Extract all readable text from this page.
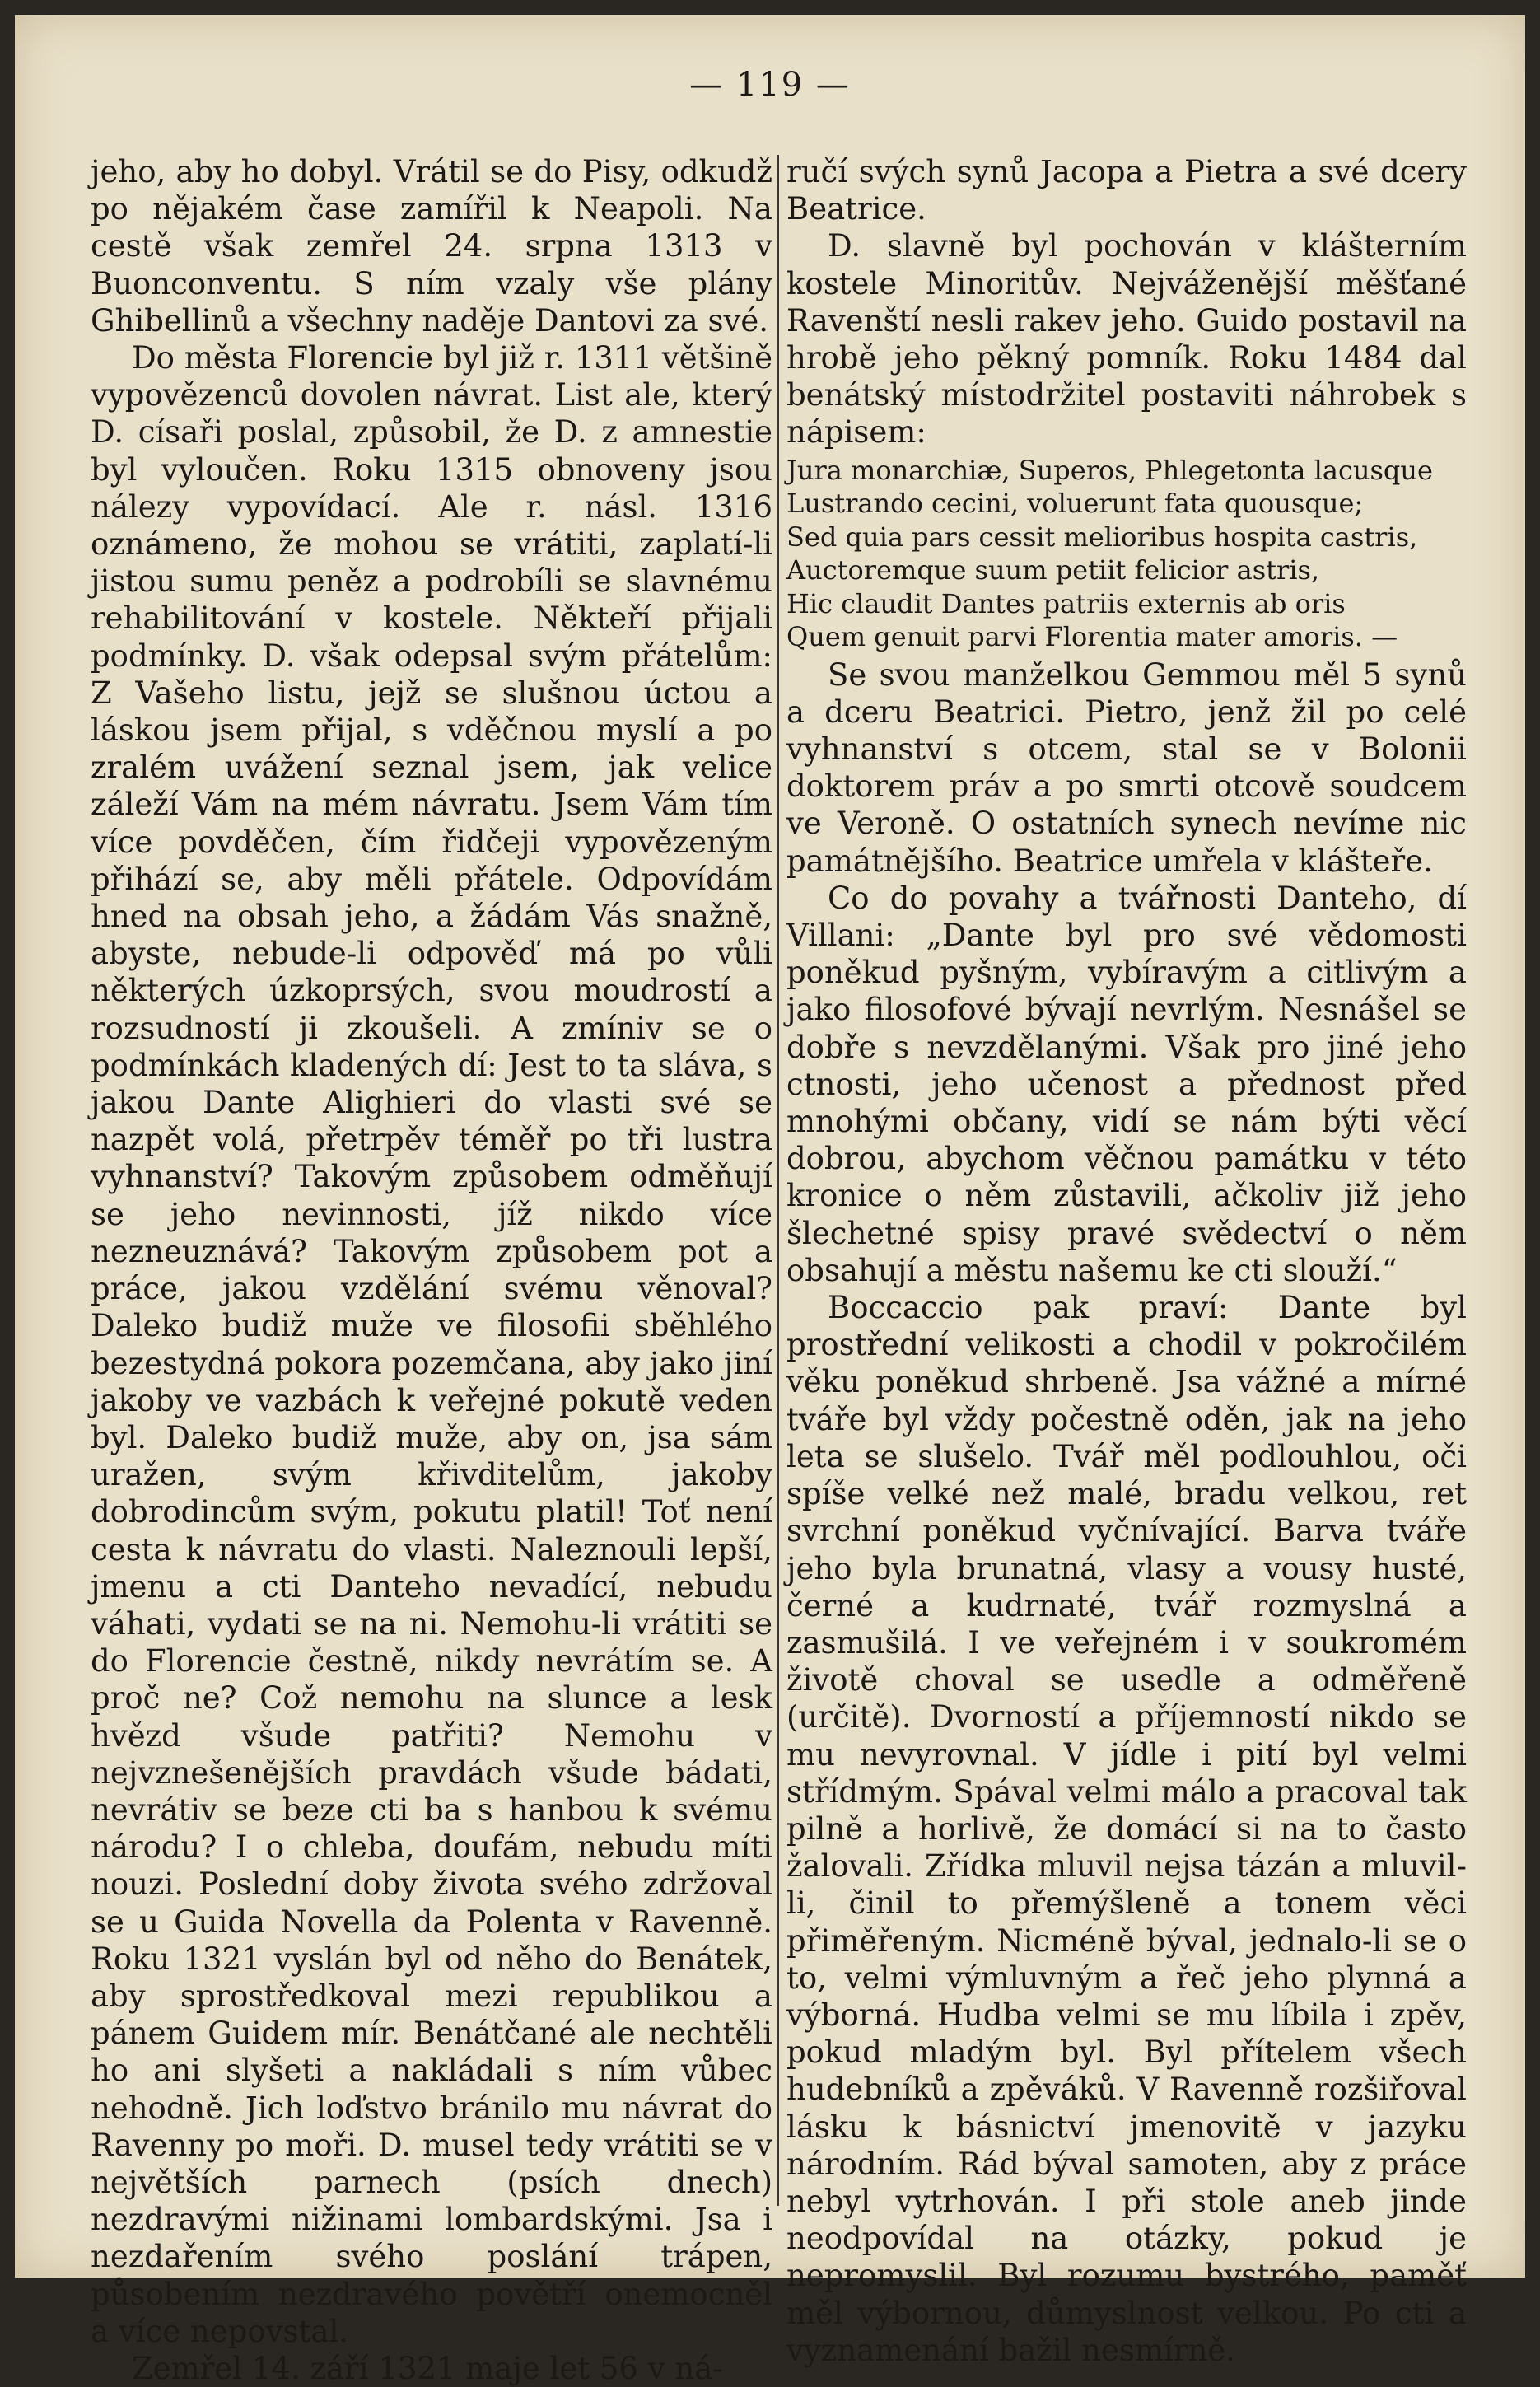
— 119 —

jeho, aby ho dobyl. Vrátil se do Pisy, odkudž po nějakém čase zamířil k Neapoli. Na cestě však zemřel 24. srpna 1313 v Buonconventu. S ním vzaly vše plány Ghibellinů a všechny naděje Dantovi za své.

Do města Florencie byl již r. 1311 většině vypovězenců dovolen návrat. List ale, který D. císaři poslal, způsobil, že D. z amnestie byl vyloučen. Roku 1315 obnoveny jsou nálezy vypovídací. Ale r. násl. 1316 oznámeno, že mohou se vrátiti, zaplatí-li jistou sumu peněz a podrobíli se slavnému rehabilitování v kostele. Někteří přijali podmínky. D. však odepsal svým přátelům: Z Vašeho listu, jejž se slušnou úctou a láskou jsem přijal, s vděčnou myslí a po zralém uvážení seznal jsem, jak velice záleží Vám na mém návratu. Jsem Vám tím více povděčen, čím řidčeji vypovězeným přihází se, aby měli přátele. Odpovídám hned na obsah jeho, a žádám Vás snažně, abyste, nebude-li odpověď má po vůli některých úzkoprsých, svou moudrostí a rozsudností ji zkoušeli. A zmíniv se o podmínkách kladených dí: Jest to ta sláva, s jakou Dante Alighieri do vlasti své se nazpět volá, přetrpěv téměř po tři lustra vyhnanství? Takovým způsobem odměňují se jeho nevinnosti, jíž nikdo více nezneuznává? Takovým způsobem pot a práce, jakou vzdělání svému věnoval? Daleko budiž muže ve filosofii sběhlého bezestydná pokora pozemčana, aby jako jiní jakoby ve vazbách k veřejné pokutě veden byl. Daleko budiž muže, aby on, jsa sám uražen, svým křivditelům, jakoby dobrodincům svým, pokutu platil! Toť není cesta k návratu do vlasti. Naleznouli lepší, jmenu a cti Danteho nevadící, nebudu váhati, vydati se na ni. Nemohu-li vrátiti se do Florencie čestně, nikdy nevrátím se. A proč ne? Což nemohu na slunce a lesk hvězd všude patřiti? Nemohu v nejvznešenějších pravdách všude bádati, nevrátiv se beze cti ba s hanbou k svému národu? I o chleba, doufám, nebudu míti nouzi. Poslední doby života svého zdržoval se u Guida Novella da Polenta v Ravenně. Roku 1321 vyslán byl od něho do Benátek, aby sprostředkoval mezi republikou a pánem Guidem mír. Benátčané ale nechtěli ho ani slyšeti a nakládali s ním vůbec nehodně. Jich loďstvo bránilo mu návrat do Ravenny po moři. D. musel tedy vrátiti se v největších parnech (psích dnech) nezdravými nižinami lombardskými. Jsa i nezdařením svého poslání trápen, působením nezdravého povětří onemocněl a více nepovstal.

Zemřel 14. září 1321 maje let 56 v ná-

ručí svých synů Jacopa a Pietra a své dcery Beatrice.

D. slavně byl pochován v klášterním kostele Minoritův. Nejváženější měšťané Ravenští nesli rakev jeho. Guido postavil na hrobě jeho pěkný pomník. Roku 1484 dal benátský místodržitel postaviti náhrobek s nápisem:

Jura monarchiæ, Superos, Phlegetonta lacusque
Lustrando cecini, voluerunt fata quousque;
Sed quia pars cessit melioribus hospita castris,
Auctoremque suum petiit felicior astris,
Hic claudit Dantes patriis externis ab oris
Quem genuit parvi Florentia mater amoris. —

Se svou manželkou Gemmou měl 5 synů a dceru Beatrici. Pietro, jenž žil po celé vyhnanství s otcem, stal se v Bolonii doktorem práv a po smrti otcově soudcem ve Veroně. O ostatních synech nevíme nic památnějšího. Beatrice umřela v klášteře.

Co do povahy a tvářnosti Danteho, dí Villani: „Dante byl pro své vědomosti poněkud pyšným, vybíravým a citlivým a jako filosofové bývají nevrlým. Nesnášel se dobře s nevzdělanými. Však pro jiné jeho ctnosti, jeho učenost a přednost před mnohými občany, vidí se nám býti věcí dobrou, abychom věčnou památku v této kronice o něm zůstavili, ačkoliv již jeho šlechetné spisy pravé svědectví o něm obsahují a městu našemu ke cti slouží.“

Boccaccio pak praví: Dante byl prostřední velikosti a chodil v pokročilém věku poněkud shrbeně. Jsa vážné a mírné tváře byl vždy počestně oděn, jak na jeho leta se slušelo. Tvář měl podlouhlou, oči spíše velké než malé, bradu velkou, ret svrchní poněkud vyčnívající. Barva tváře jeho byla brunatná, vlasy a vousy husté, černé a kudrnaté, tvář rozmyslná a zasmušilá. I ve veřejném i v soukromém životě choval se usedle a odměřeně (určitě). Dvorností a příjemností nikdo se mu nevyrovnal. V jídle i pití byl velmi střídmým. Spával velmi málo a pracoval tak pilně a horlivě, že domácí si na to často žalovali. Zřídka mluvil nejsa tázán a mluvil-li, činil to přemýšleně a tonem věci přiměřeným. Nicméně býval, jednalo-li se o to, velmi výmluvným a řeč jeho plynná a výborná. Hudba velmi se mu líbila i zpěv, pokud mladým byl. Byl přítelem všech hudebníků a zpěváků. V Ravenně rozšiřoval lásku k básnictví jmenovitě v jazyku národním. Rád býval samoten, aby z práce nebyl vytrhován. I při stole aneb jinde neodpovídal na otázky, pokud je nepromyslil. Byl rozumu bystrého, paměť měl výbornou, důmyslnost velkou. Po cti a vyznamenání bažil nesmírně.
